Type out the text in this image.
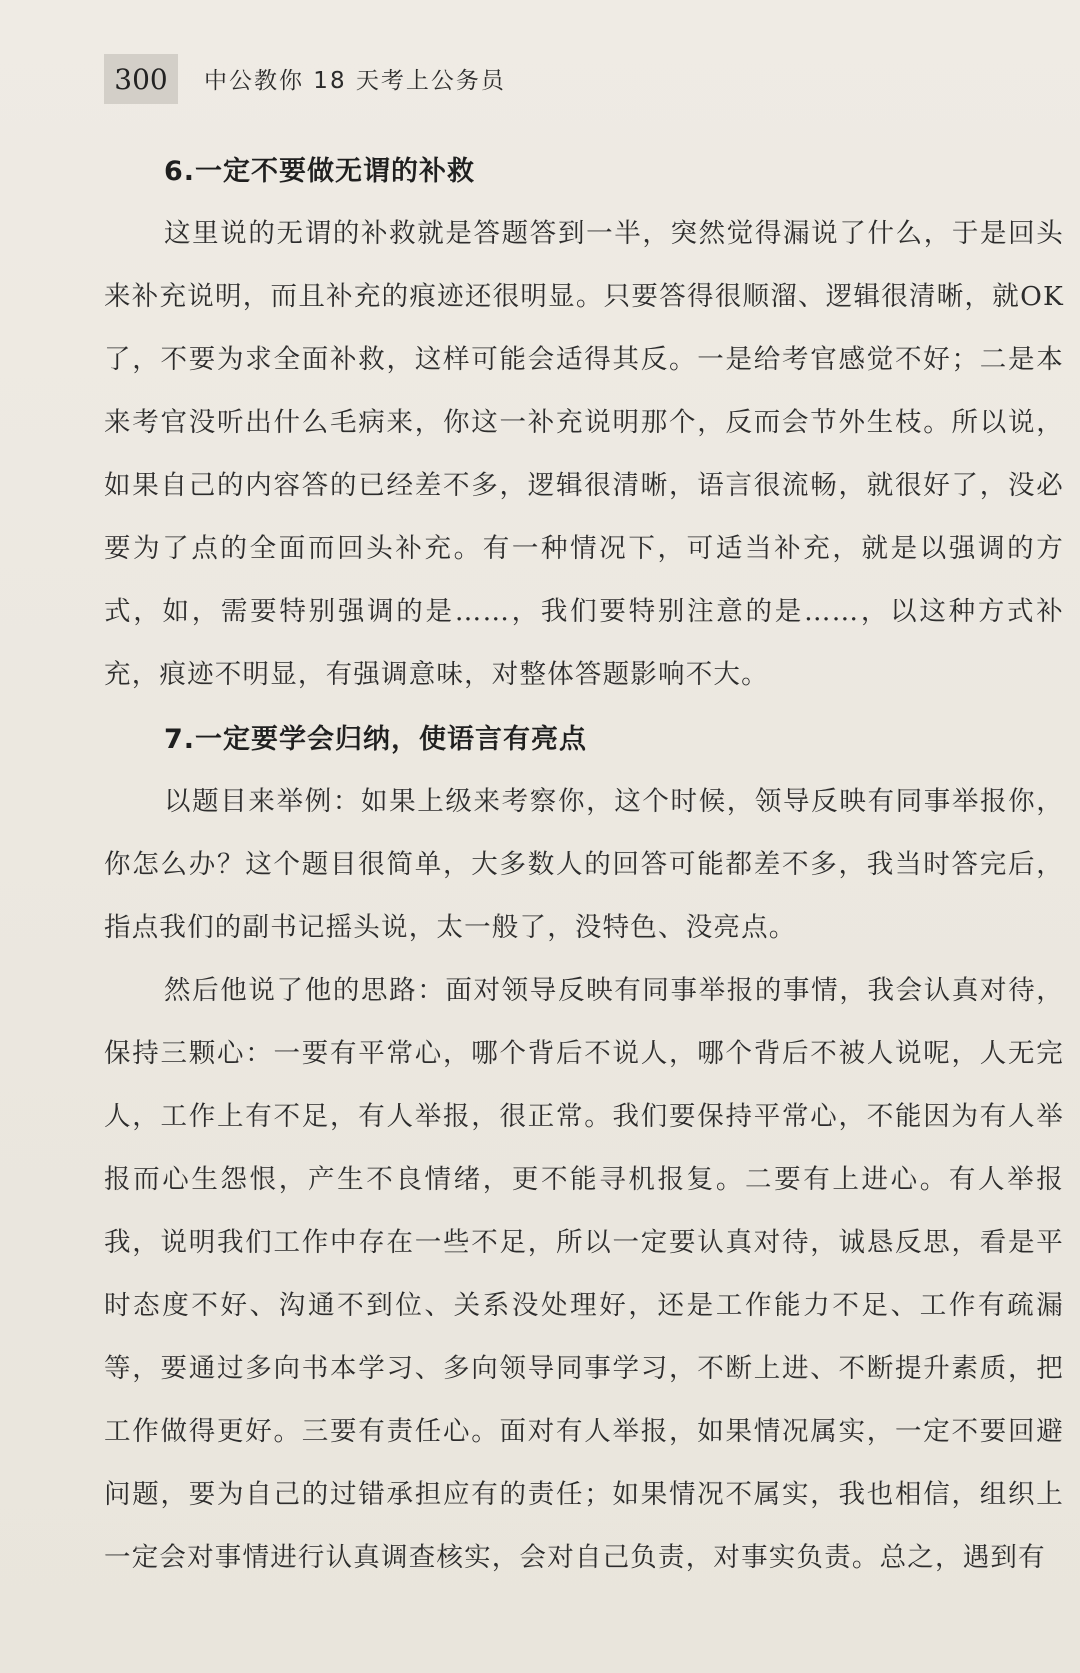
300	中公教你 18 天考上公务员
6.一定不要做无谓的补救

这里说的无谓的补救就是答题答到一半，突然觉得漏说了什么，于是回头来补充说明，而且补充的痕迹还很明显。只要答得很顺溜、逻辑很清晰，就OK了，不要为求全面补救，这样可能会适得其反。一是给考官感觉不好；二是本来考官没听出什么毛病来，你这一补充说明那个，反而会节外生枝。所以说，如果自己的内容答的已经差不多，逻辑很清晰，语言很流畅，就很好了，没必要为了点的全面而回头补充。有一种情况下，可适当补充，就是以强调的方式，如，需要特别强调的是……，我们要特别注意的是……，以这种方式补充，痕迹不明显，有强调意味，对整体答题影响不大。

7.一定要学会归纳，使语言有亮点

以题目来举例：如果上级来考察你，这个时候，领导反映有同事举报你，你怎么办？这个题目很简单，大多数人的回答可能都差不多，我当时答完后，指点我们的副书记摇头说，太一般了，没特色、没亮点。

然后他说了他的思路：面对领导反映有同事举报的事情，我会认真对待，保持三颗心：一要有平常心，哪个背后不说人，哪个背后不被人说呢，人无完人，工作上有不足，有人举报，很正常。我们要保持平常心，不能因为有人举报而心生怨恨，产生不良情绪，更不能寻机报复。二要有上进心。有人举报我，说明我们工作中存在一些不足，所以一定要认真对待，诚恳反思，看是平时态度不好、沟通不到位、关系没处理好，还是工作能力不足、工作有疏漏等，要通过多向书本学习、多向领导同事学习，不断上进、不断提升素质，把工作做得更好。三要有责任心。面对有人举报，如果情况属实，一定不要回避问题，要为自己的过错承担应有的责任；如果情况不属实，我也相信，组织上一定会对事情进行认真调查核实，会对自己负责，对事实负责。总之，遇到有
